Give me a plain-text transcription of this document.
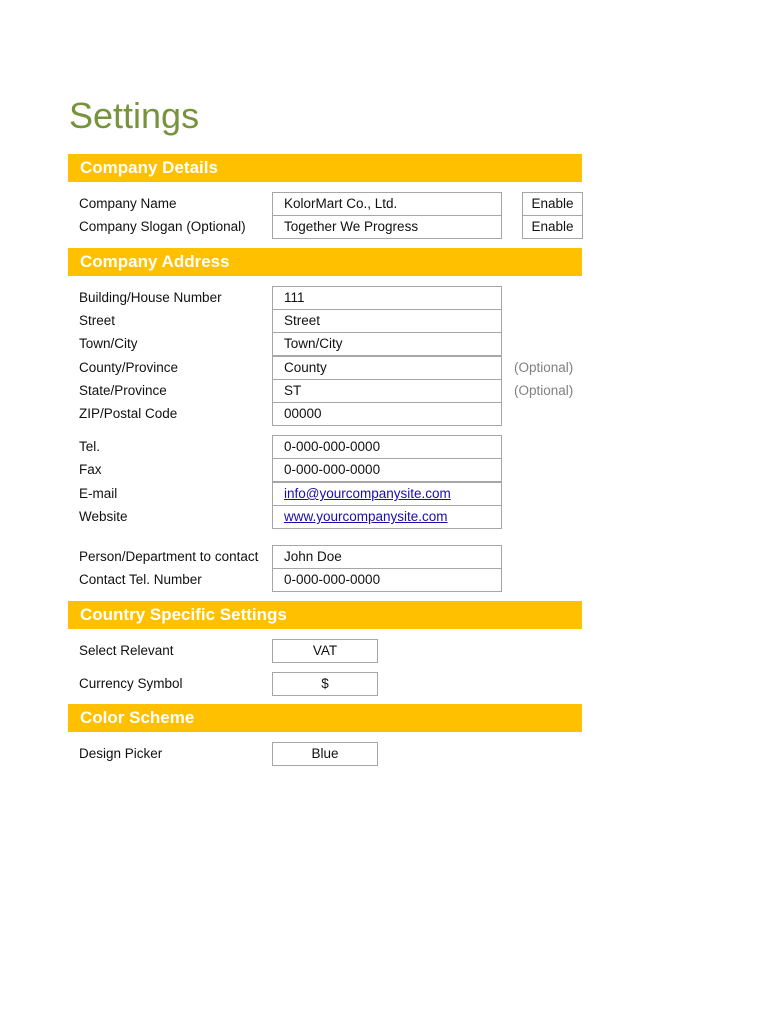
Settings
Company Details
Company Name	KolorMart Co., Ltd.	Enable
Company Slogan (Optional)	Together We Progress	Enable
Company Address
Building/House Number	111
Street	Street
Town/City	Town/City
County/Province	County	(Optional)
State/Province	ST	(Optional)
ZIP/Postal Code	00000
Tel.	0-000-000-0000
Fax	0-000-000-0000
E-mail	info@yourcompanysite.com
Website	www.yourcompanysite.com
Person/Department to contact	John Doe
Contact Tel. Number	0-000-000-0000
Country Specific Settings
Select Relevant	VAT
Currency Symbol	$
Color Scheme
Design Picker	Blue
